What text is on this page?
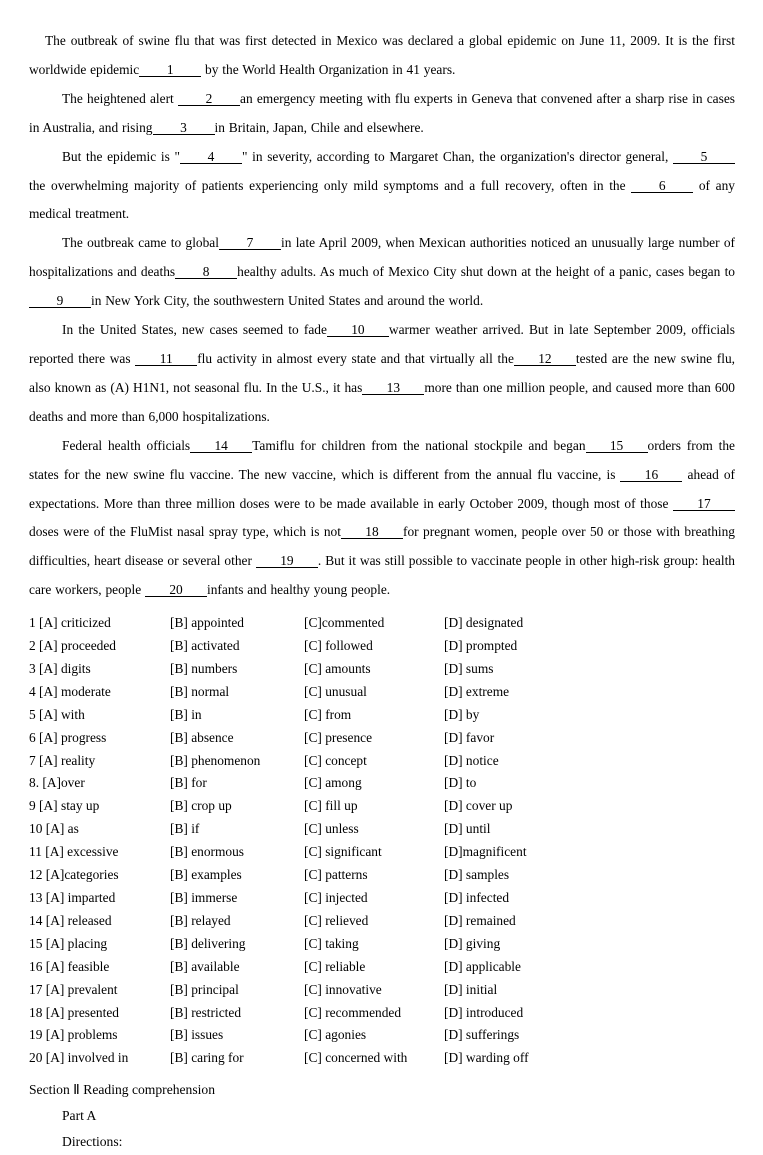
The outbreak of swine flu that was first detected in Mexico was declared a global epidemic on June 11, 2009. It is the first worldwide epidemic 1 by the World Health Organization in 41 years.

The heightened alert 2 an emergency meeting with flu experts in Geneva that convened after a sharp rise in cases in Australia, and rising 3 in Britain, Japan, Chile and elsewhere.

But the epidemic is " 4 " in severity, according to Margaret Chan, the organization's director general, 5 the overwhelming majority of patients experiencing only mild symptoms and a full recovery, often in the 6 of any medical treatment.

The outbreak came to global 7 in late April 2009, when Mexican authorities noticed an unusually large number of hospitalizations and deaths 8 healthy adults. As much of Mexico City shut down at the height of a panic, cases began to 9 in New York City, the southwestern United States and around the world.

In the United States, new cases seemed to fade 10 warmer weather arrived. But in late September 2009, officials reported there was 11 flu activity in almost every state and that virtually all the 12 tested are the new swine flu, also known as (A) H1N1, not seasonal flu. In the U.S., it has 13 more than one million people, and caused more than 600 deaths and more than 6,000 hospitalizations.

Federal health officials 14 Tamiflu for children from the national stockpile and began 15 orders from the states for the new swine flu vaccine. The new vaccine, which is different from the annual flu vaccine, is 16 ahead of expectations. More than three million doses were to be made available in early October 2009, though most of those 17doses were of the FluMist nasal spray type, which is not 18 for pregnant women, people over 50 or those with breathing difficulties, heart disease or several other 19 . But it was still possible to vaccinate people in other high-risk group: health care workers, people 20 infants and healthy young people.

1 [A] criticized	[B] appointed	[C]commented	[D] designated
2 [A] proceeded	[B] activated	[C] followed	[D] prompted
3 [A] digits	[B] numbers	[C] amounts	[D] sums
4 [A] moderate	[B] normal	[C] unusual	[D] extreme
5 [A] with	[B] in	[C] from	[D] by
6 [A] progress	[B] absence	[C] presence	[D] favor
7 [A] reality	[B] phenomenon	[C] concept	[D] notice
8. [A]over	[B] for	[C] among	[D] to
9 [A] stay up	[B] crop up	[C] fill up	[D] cover up
10 [A] as	[B] if	[C] unless	[D] until
11 [A] excessive	[B] enormous	[C] significant	[D]magnificent
12 [A]categories	[B] examples	[C] patterns	[D] samples
13 [A] imparted	[B] immerse	[C] injected	[D] infected
14 [A] released	[B] relayed	[C] relieved	[D] remained
15 [A] placing	[B] delivering	[C] taking	[D] giving
16 [A] feasible	[B] available	[C] reliable	[D] applicable
17 [A] prevalent	[B] principal	[C] innovative	[D] initial
18 [A] presented	[B] restricted	[C] recommended	[D] introduced
19 [A] problems	[B] issues	[C] agonies	[D] sufferings
20 [A] involved in	[B] caring for	[C] concerned with	[D] warding off
Section Ⅱ Reading comprehension
Part A
Directions:
